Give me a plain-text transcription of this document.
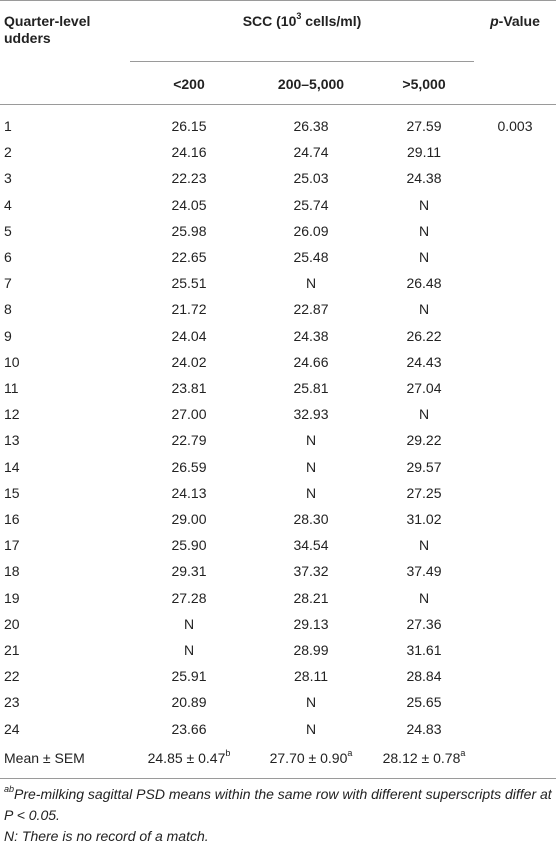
Quarter-level udders
SCC ($10^3$ cells/ml)	p-Value
<200	200–5,000	>5,000
1	26.15	26.38	27.59	0.003
2	24.16	24.74	29.11
3	22.23	25.03	24.38
4	24.05	25.74	N
5	25.98	26.09	N
6	22.65	25.48	N
7	25.51	N	26.48
8	21.72	22.87	N
9	24.04	24.38	26.22
10	24.02	24.66	24.43
11	23.81	25.81	27.04
12	27.00	32.93	N
13	22.79	N	29.22
14	26.59	N	29.57
15	24.13	N	27.25
16	29.00	28.30	31.02
17	25.90	34.54	N
18	29.31	37.32	37.49
19	27.28	28.21	N
20	N	29.13	27.36
21	N	28.99	31.61
22	25.91	28.11	28.84
23	20.89	N	25.65
24	23.66	N	24.83
Mean ± SEM	24.85 ± 0.47$^b$	27.70 ± 0.90$^a$	28.12 ± 0.78$^a$
$^{ab}$Pre-milking sagittal PSD means within the same row with different superscripts differ at P < 0.05.
N: There is no record of a match.
